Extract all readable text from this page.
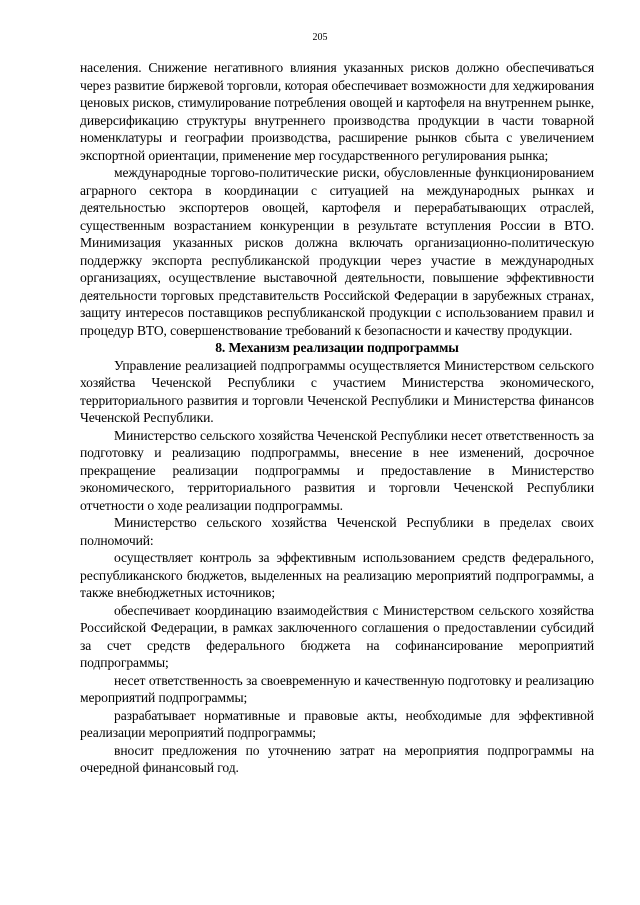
205

населения. Снижение негативного влияния указанных рисков должно обеспечиваться через развитие биржевой торговли, которая обеспечивает возможности для хеджирования ценовых рисков, стимулирование потребления овощей и картофеля на внутреннем рынке, диверсификацию структуры внутреннего производства продукции в части товарной номенклатуры и географии производства, расширение рынков сбыта с увеличением экспортной ориентации, применение мер государственного регулирования рынка;

международные торгово-политические риски, обусловленные функционированием аграрного сектора в координации с ситуацией на международных рынках и деятельностью экспортеров овощей, картофеля и перерабатывающих отраслей, существенным возрастанием конкуренции в результате вступления России в ВТО. Минимизация указанных рисков должна включать организационно-политическую поддержку экспорта республиканской продукции через участие в международных организациях, осуществление выставочной деятельности, повышение эффективности деятельности торговых представительств Российской Федерации в зарубежных странах, защиту интересов поставщиков республиканской продукции с использованием правил и процедур ВТО, совершенствование требований к безопасности и качеству продукции.

8. Механизм реализации подпрограммы

Управление реализацией подпрограммы осуществляется Министерством сельского хозяйства Чеченской Республики с участием Министерства экономического, территориального развития и торговли Чеченской Республики и Министерства финансов Чеченской Республики.

Министерство сельского хозяйства Чеченской Республики несет ответственность за подготовку и реализацию подпрограммы, внесение в нее изменений, досрочное прекращение реализации подпрограммы и предоставление в Министерство экономического, территориального развития и торговли Чеченской Республики отчетности о ходе реализации подпрограммы.

Министерство сельского хозяйства Чеченской Республики в пределах своих полномочий:

осуществляет контроль за эффективным использованием средств федерального, республиканского бюджетов, выделенных на реализацию мероприятий подпрограммы, а также внебюджетных источников;

обеспечивает координацию взаимодействия с Министерством сельского хозяйства Российской Федерации, в рамках заключенного соглашения о предоставлении субсидий за счет средств федерального бюджета на софинансирование мероприятий подпрограммы;

несет ответственность за своевременную и качественную подготовку и реализацию мероприятий подпрограммы;

разрабатывает нормативные и правовые акты, необходимые для эффективной реализации мероприятий подпрограммы;

вносит предложения по уточнению затрат на мероприятия подпрограммы на очередной финансовый год.
